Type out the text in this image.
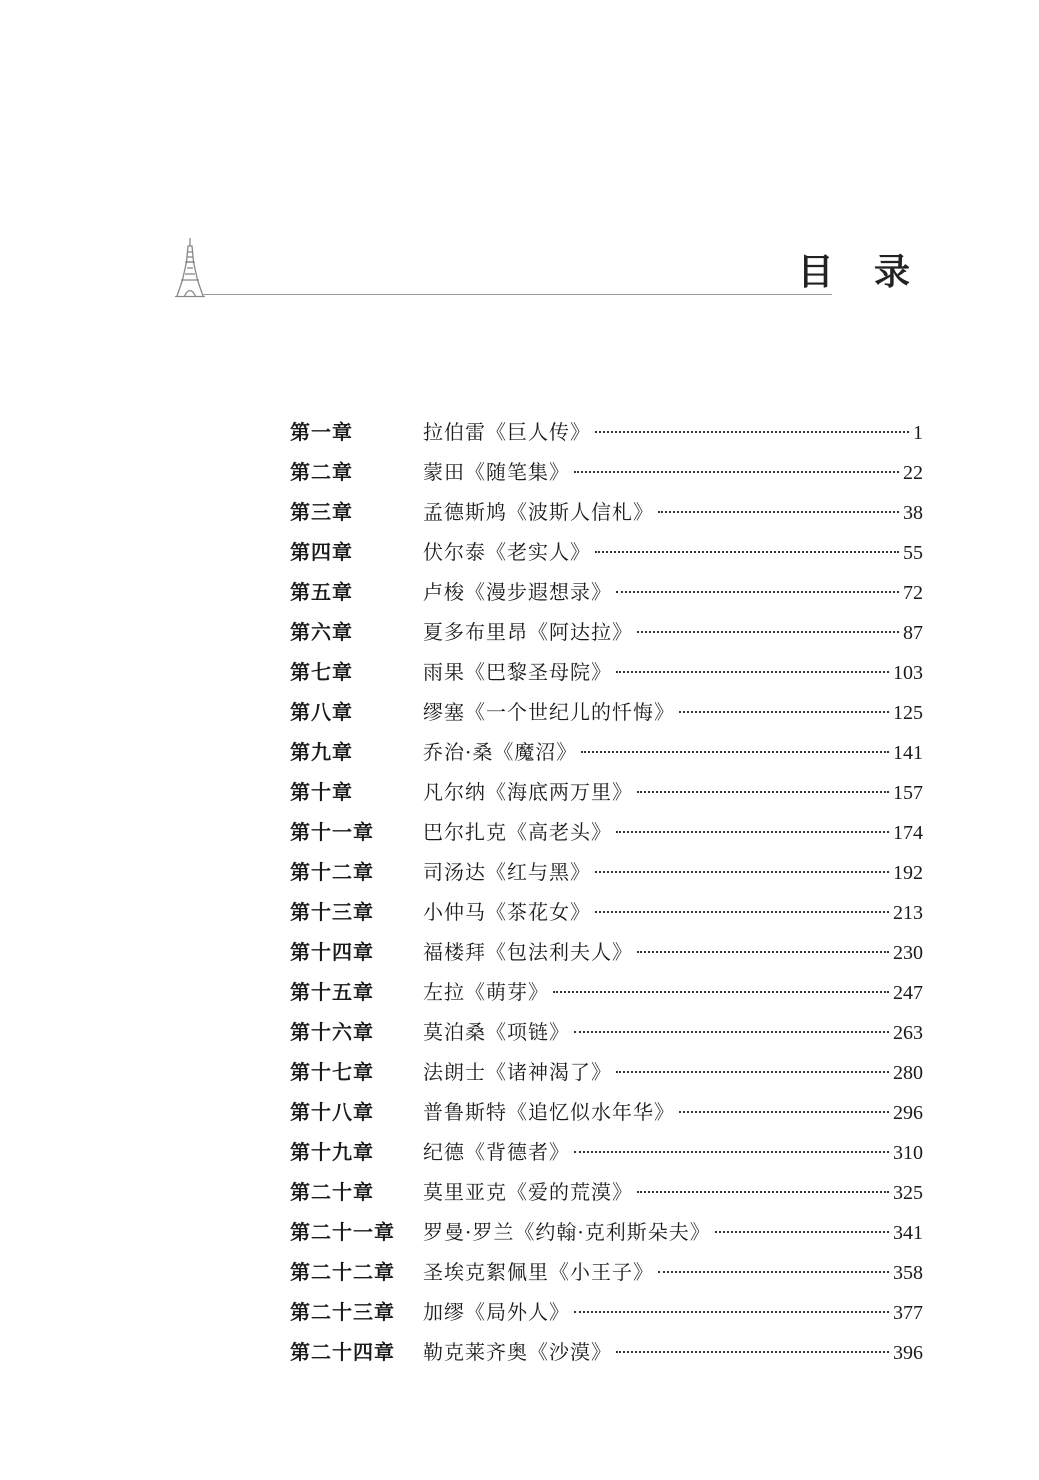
目 录
第一章	拉伯雷《巨人传》	1
第二章	蒙田《随笔集》	22
第三章	孟德斯鸠《波斯人信札》	38
第四章	伏尔泰《老实人》	55
第五章	卢梭《漫步遐想录》	72
第六章	夏多布里昂《阿达拉》	87
第七章	雨果《巴黎圣母院》	103
第八章	缪塞《一个世纪儿的忏悔》	125
第九章	乔治·桑《魔沼》	141
第十章	凡尔纳《海底两万里》	157
第十一章	巴尔扎克《高老头》	174
第十二章	司汤达《红与黑》	192
第十三章	小仲马《茶花女》	213
第十四章	福楼拜《包法利夫人》	230
第十五章	左拉《萌芽》	247
第十六章	莫泊桑《项链》	263
第十七章	法朗士《诸神渴了》	280
第十八章	普鲁斯特《追忆似水年华》	296
第十九章	纪德《背德者》	310
第二十章	莫里亚克《爱的荒漠》	325
第二十一章	罗曼·罗兰《约翰·克利斯朵夫》	341
第二十二章	圣埃克絮佩里《小王子》	358
第二十三章	加缪《局外人》	377
第二十四章	勒克莱齐奥《沙漠》	396
